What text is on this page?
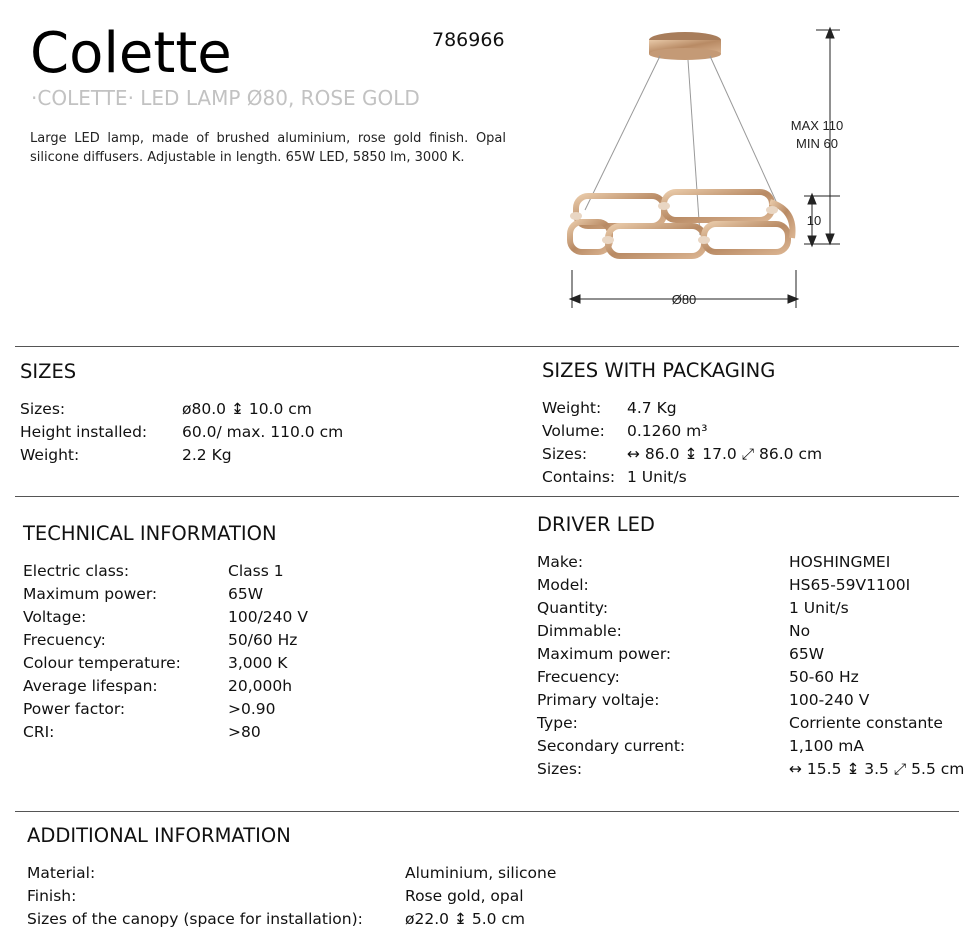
Colette	786966
·COLETTE· LED LAMP Ø80, ROSE GOLD
Large LED lamp, made of brushed aluminium, rose gold finish. Opal silicone diffusers. Adjustable in length. 65W LED, 5850 lm, 3000 K.
MAX 110
MIN 60
10
Ø80
SIZES
Sizes:	ø80.0 ↨ 10.0 cm
Height installed: 60.0/ max. 110.0 cm
Weight:	2.2 Kg
SIZES WITH PACKAGING
Weight: 4.7 Kg
Volume: 0.1260 m³
Sizes:	↔ 86.0 ↨ 17.0 ⤢ 86.0 cm
Contains: 1 Unit/s
TECHNICAL INFORMATION
Electric class:	Class 1
Maximum power:	65W
Voltage:	100/240 V
Frecuency:	50/60 Hz
Colour temperature:	3,000 K
Average lifespan:	20,000h
Power factor:	>0.90
CRI:	>80
DRIVER LED
Make:	HOSHINGMEI
Model:	HS65-59V1100I
Quantity:	1 Unit/s
Dimmable:	No
Maximum power:	65W
Frecuency:	50-60 Hz
Primary voltaje:	100-240 V
Type:	Corriente constante
Secondary current:	1,100 mA
Sizes:	↔ 15.5 ↨ 3.5 ⤢ 5.5 cm
ADDITIONAL INFORMATION
Material:	Aluminium, silicone
Finish:	Rose gold, opal
Sizes of the canopy (space for installation):	ø22.0 ↨ 5.0 cm
